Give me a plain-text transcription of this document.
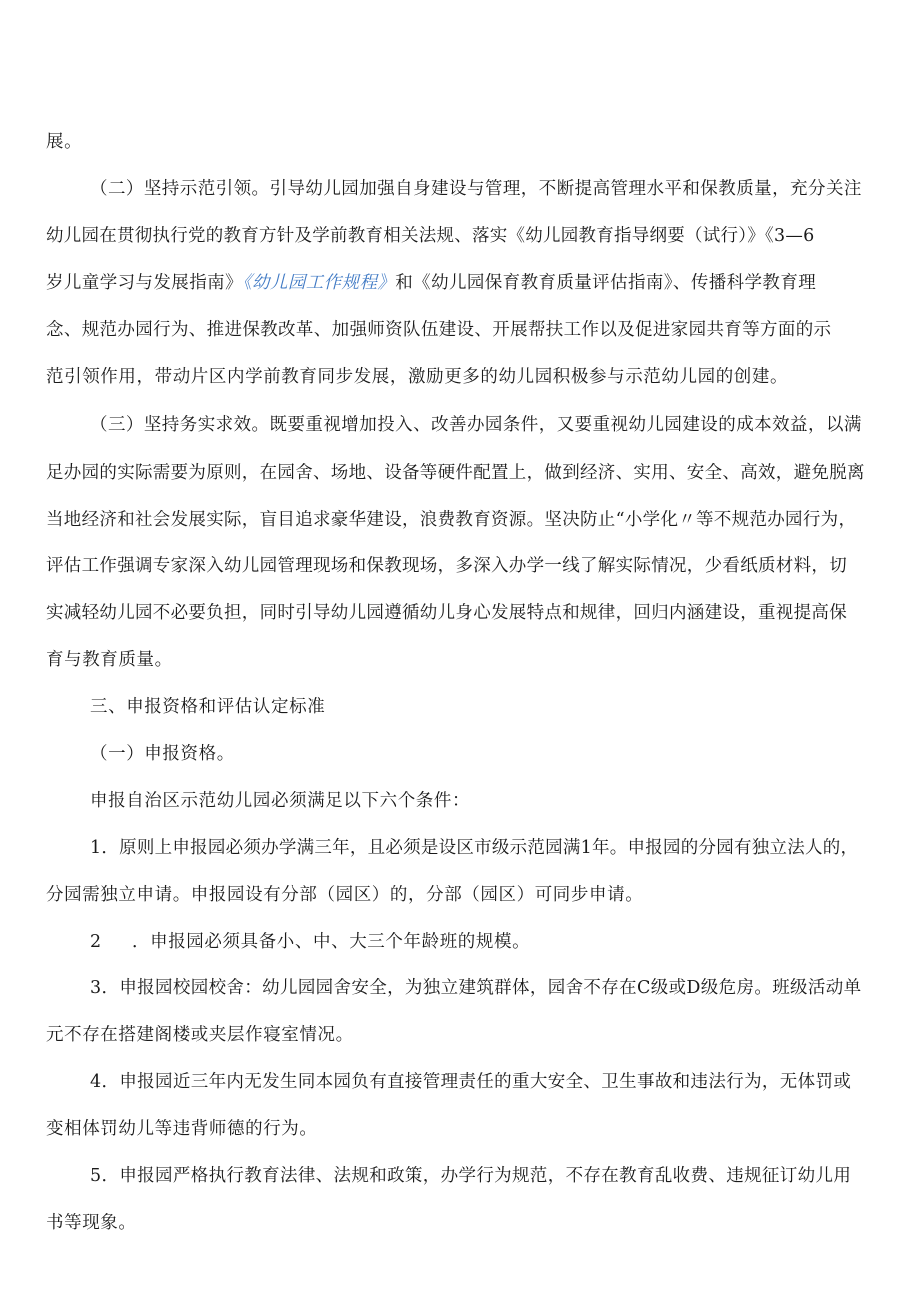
展。
（二）坚持示范引领。引导幼儿园加强自身建设与管理，不断提高管理水平和保教质量，充分关注
幼儿园在贯彻执行党的教育方针及学前教育相关法规、落实《幼儿园教育指导纲要（试行）》《3—6
岁儿童学习与发展指南》《幼儿园工作规程》和《幼儿园保育教育质量评估指南》、传播科学教育理
念、规范办园行为、推进保教改革、加强师资队伍建设、开展帮扶工作以及促进家园共育等方面的示
范引领作用，带动片区内学前教育同步发展，激励更多的幼儿园积极参与示范幼儿园的创建。
（三）坚持务实求效。既要重视增加投入、改善办园条件，又要重视幼儿园建设的成本效益，以满
足办园的实际需要为原则，在园舍、场地、设备等硬件配置上，做到经济、实用、安全、高效，避免脱离
当地经济和社会发展实际，盲目追求豪华建设，浪费教育资源。坚决防止“小学化〃等不规范办园行为，
评估工作强调专家深入幼儿园管理现场和保教现场，多深入办学一线了解实际情况，少看纸质材料，切
实减轻幼儿园不必要负担，同时引导幼儿园遵循幼儿身心发展特点和规律，回归内涵建设，重视提高保
育与教育质量。
三、申报资格和评估认定标准
（一）申报资格。
申报自治区示范幼儿园必须满足以下六个条件：
1．原则上申报园必须办学满三年，且必须是设区市级示范园满1年。申报园的分园有独立法人的，
分园需独立申请。申报园设有分部（园区）的，分部（园区）可同步申请。
2 ．申报园必须具备小、中、大三个年龄班的规模。
3．申报园校园校舍：幼儿园园舍安全，为独立建筑群体，园舍不存在C级或D级危房。班级活动单
元不存在搭建阁楼或夹层作寝室情况。
4．申报园近三年内无发生同本园负有直接管理责任的重大安全、卫生事故和违法行为，无体罚或
变相体罚幼儿等违背师德的行为。
5．申报园严格执行教育法律、法规和政策，办学行为规范，不存在教育乱收费、违规征订幼儿用
书等现象。
